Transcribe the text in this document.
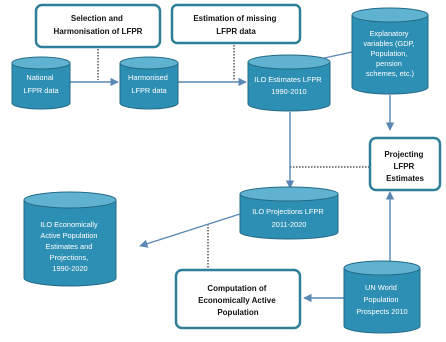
Selection and Harmonisation of LFPR
Estimation of missing LFPR data
Projecting LFPR Estimates
Computation of Economically Active Population
National LFPR data
Harmonised LFPR data
ILO Estimates LFPR 1990-2010
Explanatory variables (GDP, Population, pension schemes, etc.)
ILO Projections LFPR 2011-2020
ILO Economically Active Population Estimates and Projections, 1990-2020
UN World Population Prospects 2010
